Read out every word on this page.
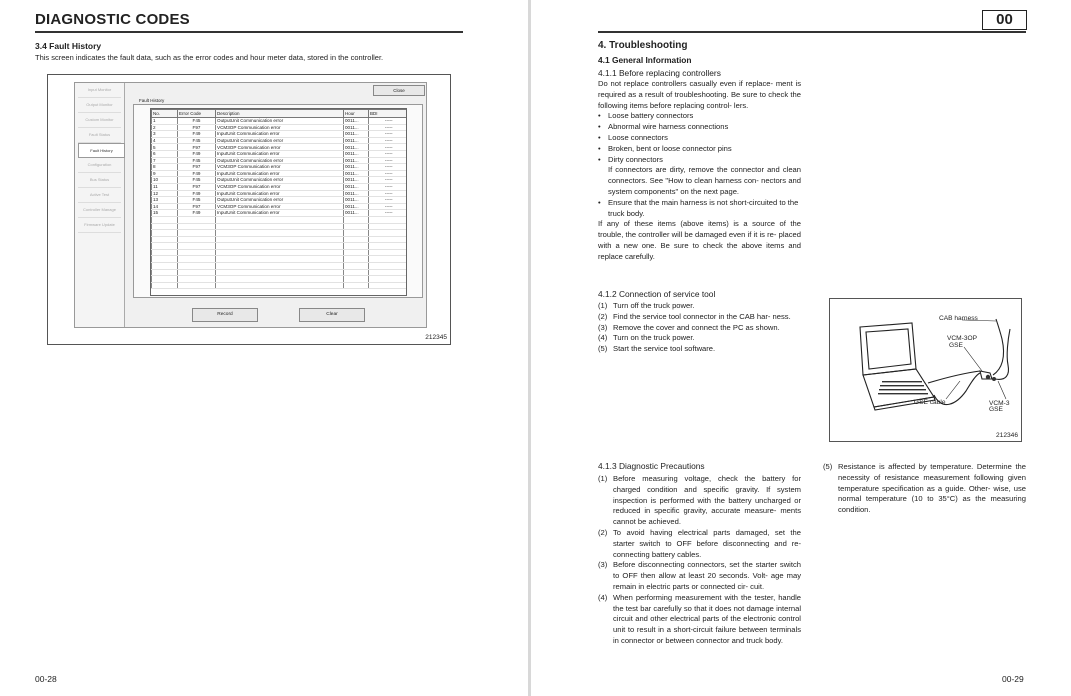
DIAGNOSTIC CODES
3.4 Fault History
This screen indicates the fault data, such as the error codes and hour meter data, stored in the controller.
Input Monitor
Output Monitor
Custom Monitor
Fault Status
Fault History
Configuration
Bus Status
Active Test
Controller Manage
Firmware Update
Close
Fault History
No.	Error Code	Description	Hour	BDI
1	F45	OutputUnit Communication error	0011...	-----
2	F97	VCM3OP Communication error	0011...	-----
3	F49	InputUnit Communication error	0011...	-----
4	F45	OutputUnit Communication error	0011...	-----
5	F97	VCM3OP Communication error	0011...	-----
6	F49	InputUnit Communication error	0011...	-----
7	F45	OutputUnit Communication error	0011...	-----
8	F97	VCM3OP Communication error	0011...	-----
9	F49	InputUnit Communication error	0011...	-----
10	F45	OutputUnit Communication error	0011...	-----
11	F97	VCM3OP Communication error	0011...	-----
12	F49	InputUnit Communication error	0011...	-----
13	F45	OutputUnit Communication error	0011...	-----
14	F97	VCM3OP Communication error	0011...	-----
15	F49	InputUnit Communication error	0011...	-----

Record	Clear
212345
00-28
00
4. Troubleshooting
4.1 General Information
4.1.1 Before replacing controllers
Do not replace controllers casually even if replace- ment is required as a result of troubleshooting. Be sure to check the following items before replacing control- lers.
• Loose battery connectors
• Abnormal wire harness connections
• Loose connectors
• Broken, bent or loose connector pins
• Dirty connectors
If connectors are dirty, remove the connector and clean connectors. See "How to clean harness con- nectors and system components" on the next page.
• Ensure that the main harness is not short-circuited to the truck body.
If any of these items (above items) is a source of the trouble, the controller will be damaged even if it is re- placed with a new one. Be sure to check the above items and replace carefully.
4.1.2 Connection of service tool
(1) Turn off the truck power.
(2) Find the service tool connector in the CAB har- ness.
(3) Remove the cover and connect the PC as shown.
(4) Turn on the truck power.
(5) Start the service tool software.
CAB harness
VCM-3OP
GSE
GSE cable	VCM-3
GSE
212346
4.1.3 Diagnostic Precautions
(1) Before measuring voltage, check the battery for charged condition and specific gravity. If system inspection is performed with the battery uncharged or reduced in specific gravity, accurate measure- ments cannot be achieved.
(2) To avoid having electrical parts damaged, set the starter switch to OFF before disconnecting and re- connecting battery cables.
(3) Before disconnecting connectors, set the starter switch to OFF then allow at least 20 seconds. Volt- age may remain in electric parts or connected cir- cuit.
(4) When performing measurement with the tester, handle the test bar carefully so that it does not damage internal circuit and other electrical parts of the electronic control unit to result in a short-circuit failure between terminals in connector or between connector and truck body.
(5) Resistance is affected by temperature. Determine the necessity of resistance measurement following given temperature specification as a guide. Other- wise, use normal temperature (10 to 35°C) as the measuring condition.
00-29
